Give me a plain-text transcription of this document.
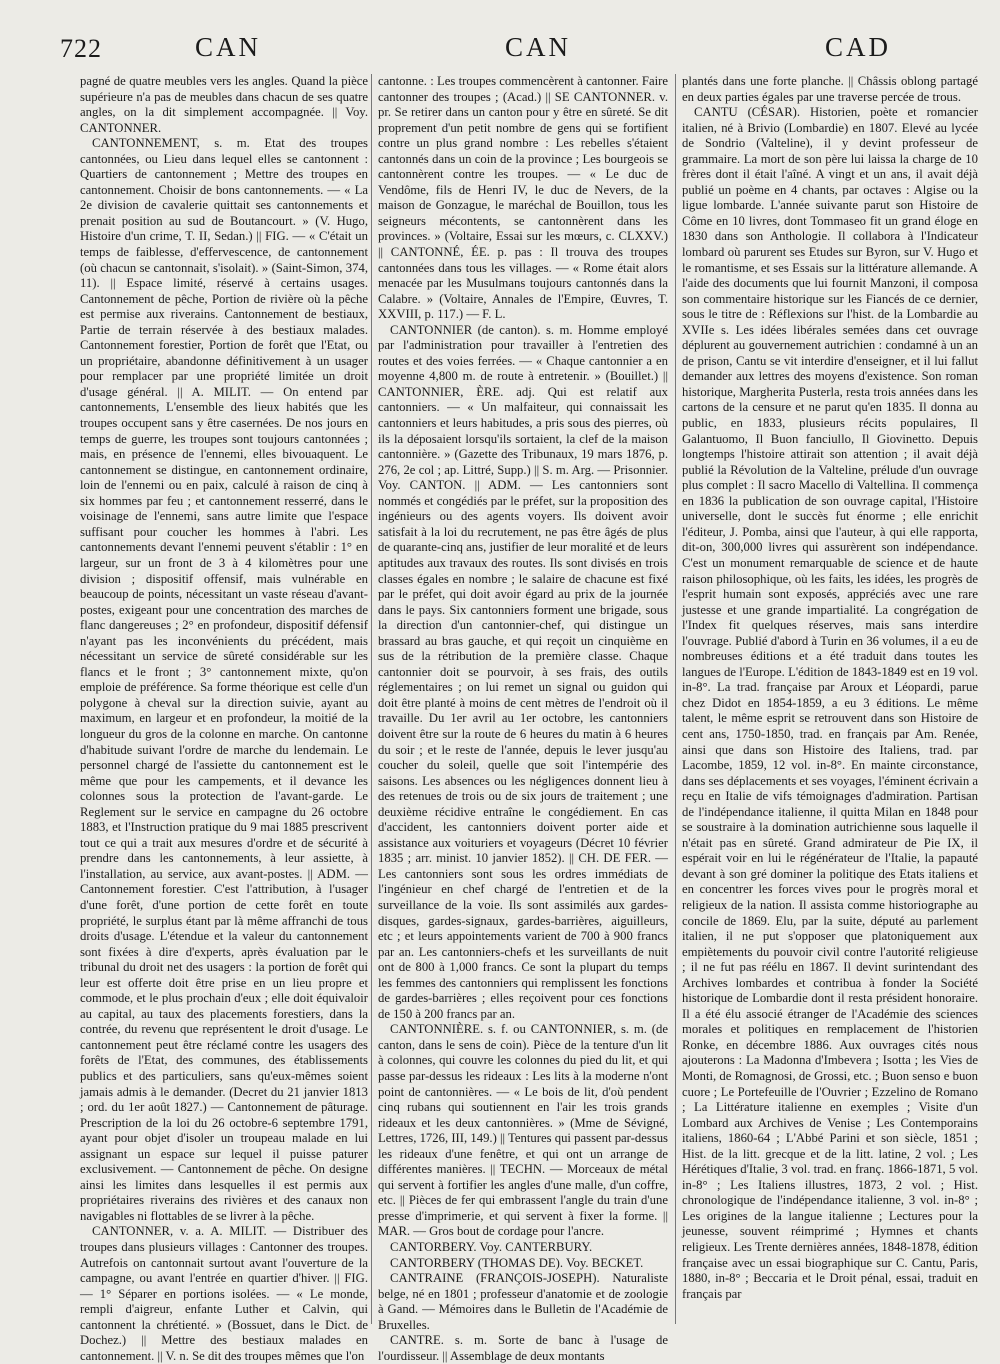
722	CAN	CAN	CAD

pagné de quatre meubles vers les angles. Quand la pièce supérieure n'a pas de meubles dans chacun de ses quatre angles, on la dit simplement accompagnée. || Voy. CANTONNER.

CANTONNEMENT, s. m. Etat des troupes cantonnées, ou Lieu dans lequel elles se cantonnent : Quartiers de cantonnement ; Mettre des troupes en cantonnement. Choisir de bons cantonnements. — « La 2e division de cavalerie quittait ses cantonnements et prenait position au sud de Boutancourt. » (V. Hugo, Histoire d'un crime, T. II, Sedan.) || FIG. — « C'était un temps de faiblesse, d'effervescence, de cantonnement (où chacun se cantonnait, s'isolait). » (Saint-Simon, 374, 11). || Espace limité, réservé à certains usages. Cantonnement de pêche, Portion de rivière où la pêche est permise aux riverains. Cantonnement de bestiaux, Partie de terrain réservée à des bestiaux malades. Cantonnement forestier, Portion de forêt que l'Etat, ou un propriétaire, abandonne définitivement à un usager pour remplacer par une propriété limitée un droit d'usage général. || A. MILIT. — On entend par cantonnements, L'ensemble des lieux habités que les troupes occupent sans y être casernées. De nos jours en temps de guerre, les troupes sont toujours cantonnées ; mais, en présence de l'ennemi, elles bivouaquent. Le cantonnement se distingue, en cantonnement ordinaire, loin de l'ennemi ou en paix, calculé à raison de cinq à six hommes par feu ; et cantonnement resserré, dans le voisinage de l'ennemi, sans autre limite que l'espace suffisant pour coucher les hommes à l'abri. Les cantonnements devant l'ennemi peuvent s'établir : 1° en largeur, sur un front de 3 à 4 kilomètres pour une division ; dispositif offensif, mais vulnérable en beaucoup de points, nécessitant un vaste réseau d'avant-postes, exigeant pour une concentration des marches de flanc dangereuses ; 2° en profondeur, dispositif défensif n'ayant pas les inconvénients du précédent, mais nécessitant un service de sûreté considérable sur les flancs et le front ; 3° cantonnement mixte, qu'on emploie de préférence. Sa forme théorique est celle d'un polygone à cheval sur la direction suivie, ayant au maximum, en largeur et en profondeur, la moitié de la longueur du gros de la colonne en marche. On cantonne d'habitude suivant l'ordre de marche du lendemain. Le personnel chargé de l'assiette du cantonnement est le même que pour les campements, et il devance les colonnes sous la protection de l'avant-garde. Le Reglement sur le service en campagne du 26 octobre 1883, et l'Instruction pratique du 9 mai 1885 prescrivent tout ce qui a trait aux mesures d'ordre et de sécurité à prendre dans les cantonnements, à leur assiette, à l'installation, au service, aux avant-postes. || ADM. — Cantonnement forestier. C'est l'attribution, à l'usager d'une forêt, d'une portion de cette forêt en toute propriété, le surplus étant par là même affranchi de tous droits d'usage. L'étendue et la valeur du cantonnement sont fixées à dire d'experts, après évaluation par le tribunal du droit net des usagers : la portion de forêt qui leur est offerte doit être prise en un lieu propre et commode, et le plus prochain d'eux ; elle doit équivaloir au capital, au taux des placements forestiers, dans la contrée, du revenu que représentent le droit d'usage. Le cantonnement peut être réclamé contre les usagers des forêts de l'Etat, des communes, des établissements publics et des particuliers, sans qu'eux-mêmes soient jamais admis à le demander. (Decret du 21 janvier 1813 ; ord. du 1er août 1827.) — Cantonnement de pâturage. Prescription de la loi du 26 octobre-6 septembre 1791, ayant pour objet d'isoler un troupeau malade en lui assignant un espace sur lequel il puisse paturer exclusivement. — Cantonnement de pêche. On designe ainsi les limites dans lesquelles il est permis aux propriétaires riverains des rivières et des canaux non navigables ni flottables de se livrer à la pêche.

CANTONNER, v. a. A. MILIT. — Distribuer des troupes dans plusieurs villages : Cantonner des troupes. Autrefois on cantonnait surtout avant l'ouverture de la campagne, ou avant l'entrée en quartier d'hiver. || FIG. — 1° Séparer en portions isolées. — « Le monde, rempli d'aigreur, enfante Luther et Calvin, qui cantonnent la chrétienté. » (Bossuet, dans le Dict. de Dochez.) || Mettre des bestiaux malades en cantonnement. || V. n. Se dit des troupes mêmes que l'on

cantonne. : Les troupes commencèrent à cantonner. Faire cantonner des troupes ; (Acad.) || SE CANTONNER. v. pr. Se retirer dans un canton pour y être en sûreté. Se dit proprement d'un petit nombre de gens qui se fortifient contre un plus grand nombre : Les rebelles s'étaient cantonnés dans un coin de la province ; Les bourgeois se cantonnèrent contre les troupes. — « Le duc de Vendôme, fils de Henri IV, le duc de Nevers, de la maison de Gonzague, le maréchal de Bouillon, tous les seigneurs mécontents, se cantonnèrent dans les provinces. » (Voltaire, Essai sur les mœurs, c. CLXXV.) || CANTONNÉ, ÉE. p. pas : Il trouva des troupes cantonnées dans tous les villages. — « Rome était alors menacée par les Musulmans toujours cantonnés dans la Calabre. » (Voltaire, Annales de l'Empire, Œuvres, T. XXVIII, p. 117.) — F. L.

CANTONNIER (de canton). s. m. Homme employé par l'administration pour travailler à l'entretien des routes et des voies ferrées. — « Chaque cantonnier a en moyenne 4,800 m. de route à entretenir. » (Bouillet.) || CANTONNIER, ÈRE. adj. Qui est relatif aux cantonniers. — « Un malfaiteur, qui connaissait les cantonniers et leurs habitudes, a pris sous des pierres, où ils la déposaient lorsqu'ils sortaient, la clef de la maison cantonnière. » (Gazette des Tribunaux, 19 mars 1876, p. 276, 2e col ; ap. Littré, Supp.) || S. m. Arg. — Prisonnier. Voy. CANTON. || ADM. — Les cantonniers sont nommés et congédiés par le préfet, sur la proposition des ingénieurs ou des agents voyers. Ils doivent avoir satisfait à la loi du recrutement, ne pas être âgés de plus de quarante-cinq ans, justifier de leur moralité et de leurs aptitudes aux travaux des routes. Ils sont divisés en trois classes égales en nombre ; le salaire de chacune est fixé par le préfet, qui doit avoir égard au prix de la journée dans le pays. Six cantonniers forment une brigade, sous la direction d'un cantonnier-chef, qui distingue un brassard au bras gauche, et qui reçoit un cinquième en sus de la rétribution de la première classe. Chaque cantonnier doit se pourvoir, à ses frais, des outils réglementaires ; on lui remet un signal ou guidon qui doit être planté à moins de cent mètres de l'endroit où il travaille. Du 1er avril au 1er octobre, les cantonniers doivent être sur la route de 6 heures du matin à 6 heures du soir ; et le reste de l'année, depuis le lever jusqu'au coucher du soleil, quelle que soit l'intempérie des saisons. Les absences ou les négligences donnent lieu à des retenues de trois ou de six jours de traitement ; une deuxième récidive entraîne le congédiement. En cas d'accident, les cantonniers doivent porter aide et assistance aux voituriers et voyageurs (Décret 10 février 1835 ; arr. minist. 10 janvier 1852). || CH. DE FER. — Les cantonniers sont sous les ordres immédiats de l'ingénieur en chef chargé de l'entretien et de la surveillance de la voie. Ils sont assimilés aux gardes-disques, gardes-signaux, gardes-barrières, aiguilleurs, etc ; et leurs appointements varient de 700 à 900 francs par an. Les cantonniers-chefs et les surveillants de nuit ont de 800 à 1,000 francs. Ce sont la plupart du temps les femmes des cantonniers qui remplissent les fonctions de gardes-barrières ; elles reçoivent pour ces fonctions de 150 à 200 francs par an.

CANTONNIÈRE. s. f. ou CANTONNIER, s. m. (de canton, dans le sens de coin). Pièce de la tenture d'un lit à colonnes, qui couvre les colonnes du pied du lit, et qui passe par-dessus les rideaux : Les lits à la moderne n'ont point de cantonnières. — « Le bois de lit, d'où pendent cinq rubans qui soutiennent en l'air les trois grands rideaux et les deux cantonnières. » (Mme de Sévigné, Lettres, 1726, III, 149.) || Tentures qui passent par-dessus les rideaux d'une fenêtre, et qui ont un arrange de différentes manières. || TECHN. — Morceaux de métal qui servent à fortifier les angles d'une malle, d'un coffre, etc. || Pièces de fer qui embrassent l'angle du train d'une presse d'imprimerie, et qui servent à fixer la forme. || MAR. — Gros bout de cordage pour l'ancre.

CANTORBERY. Voy. CANTERBURY.

CANTORBERY (THOMAS DE). Voy. BECKET.

CANTRAINE (FRANÇOIS-JOSEPH). Naturaliste belge, né en 1801 ; professeur d'anatomie et de zoologie à Gand. — Mémoires dans le Bulletin de l'Académie de Bruxelles.

CANTRE. s. m. Sorte de banc à l'usage de l'ourdisseur. || Assemblage de deux montants

plantés dans une forte planche. || Châssis oblong partagé en deux parties égales par une traverse percée de trous.

CANTU (CÉSAR). Historien, poète et romancier italien, né à Brivio (Lombardie) en 1807. Elevé au lycée de Sondrio (Valteline), il y devint professeur de grammaire. La mort de son père lui laissa la charge de 10 frères dont il était l'aîné. A vingt et un ans, il avait déjà publié un poème en 4 chants, par octaves : Algise ou la ligue lombarde. L'année suivante parut son Histoire de Côme en 10 livres, dont Tommaseo fit un grand éloge en 1830 dans son Anthologie. Il collabora à l'Indicateur lombard où parurent ses Etudes sur Byron, sur V. Hugo et le romantisme, et ses Essais sur la littérature allemande. A l'aide des documents que lui fournit Manzoni, il composa son commentaire historique sur les Fiancés de ce dernier, sous le titre de : Réflexions sur l'hist. de la Lombardie au XVIIe s. Les idées libérales semées dans cet ouvrage déplurent au gouvernement autrichien : condamné à un an de prison, Cantu se vit interdire d'enseigner, et il lui fallut demander aux lettres des moyens d'existence. Son roman historique, Margherita Pusterla, resta trois années dans les cartons de la censure et ne parut qu'en 1835. Il donna au public, en 1833, plusieurs récits populaires, Il Galantuomo, Il Buon fanciullo, Il Giovinetto. Depuis longtemps l'histoire attirait son attention ; il avait déjà publié la Révolution de la Valteline, prélude d'un ouvrage plus complet : Il sacro Macello di Valtellina. Il commença en 1836 la publication de son ouvrage capital, l'Histoire universelle, dont le succès fut énorme ; elle enrichit l'éditeur, J. Pomba, ainsi que l'auteur, à qui elle rapporta, dit-on, 300,000 livres qui assurèrent son indépendance. C'est un monument remarquable de science et de haute raison philosophique, où les faits, les idées, les progrès de l'esprit humain sont exposés, appréciés avec une rare justesse et une grande impartialité. La congrégation de l'Index fit quelques réserves, mais sans interdire l'ouvrage. Publié d'abord à Turin en 36 volumes, il a eu de nombreuses éditions et a été traduit dans toutes les langues de l'Europe. L'édition de 1843-1849 est en 19 vol. in-8°. La trad. française par Aroux et Léopardi, parue chez Didot en 1854-1859, a eu 3 éditions. Le même talent, le même esprit se retrouvent dans son Histoire de cent ans, 1750-1850, trad. en français par Am. Renée, ainsi que dans son Histoire des Italiens, trad. par Lacombe, 1859, 12 vol. in-8°. En mainte circonstance, dans ses déplacements et ses voyages, l'éminent écrivain a reçu en Italie de vifs témoignages d'admiration. Partisan de l'indépendance italienne, il quitta Milan en 1848 pour se soustraire à la domination autrichienne sous laquelle il n'était pas en sûreté. Grand admirateur de Pie IX, il espérait voir en lui le régénérateur de l'Italie, la papauté devant à son gré dominer la politique des Etats italiens et en concentrer les forces vives pour le progrès moral et religieux de la nation. Il assista comme historiographe au concile de 1869. Elu, par la suite, député au parlement italien, il ne put s'opposer que platoniquement aux empiètements du pouvoir civil contre l'autorité religieuse ; il ne fut pas réélu en 1867. Il devint surintendant des Archives lombardes et contribua à fonder la Société historique de Lombardie dont il resta président honoraire. Il a été élu associé étranger de l'Académie des sciences morales et politiques en remplacement de l'historien Ronke, en décembre 1886. Aux ouvrages cités nous ajouterons : La Madonna d'Imbevera ; Isotta ; les Vies de Monti, de Romagnosi, de Grossi, etc. ; Buon senso e buon cuore ; Le Portefeuille de l'Ouvrier ; Ezzelino de Romano ; La Littérature italienne en exemples ; Visite d'un Lombard aux Archives de Venise ; Les Contemporains italiens, 1860-64 ; L'Abbé Parini et son siècle, 1851 ; Hist. de la litt. grecque et de la litt. latine, 2 vol. ; Les Hérétiques d'Italie, 3 vol. trad. en franç. 1866-1871, 5 vol. in-8° ; Les Italiens illustres, 1873, 2 vol. ; Hist. chronologique de l'indépendance italienne, 3 vol. in-8° ; Les origines de la langue italienne ; Lectures pour la jeunesse, souvent réimprimé ; Hymnes et chants religieux. Les Trente dernières années, 1848-1878, édition française avec un essai biographique sur C. Cantu, Paris, 1880, in-8° ; Beccaria et le Droit pénal, essai, traduit en français par
